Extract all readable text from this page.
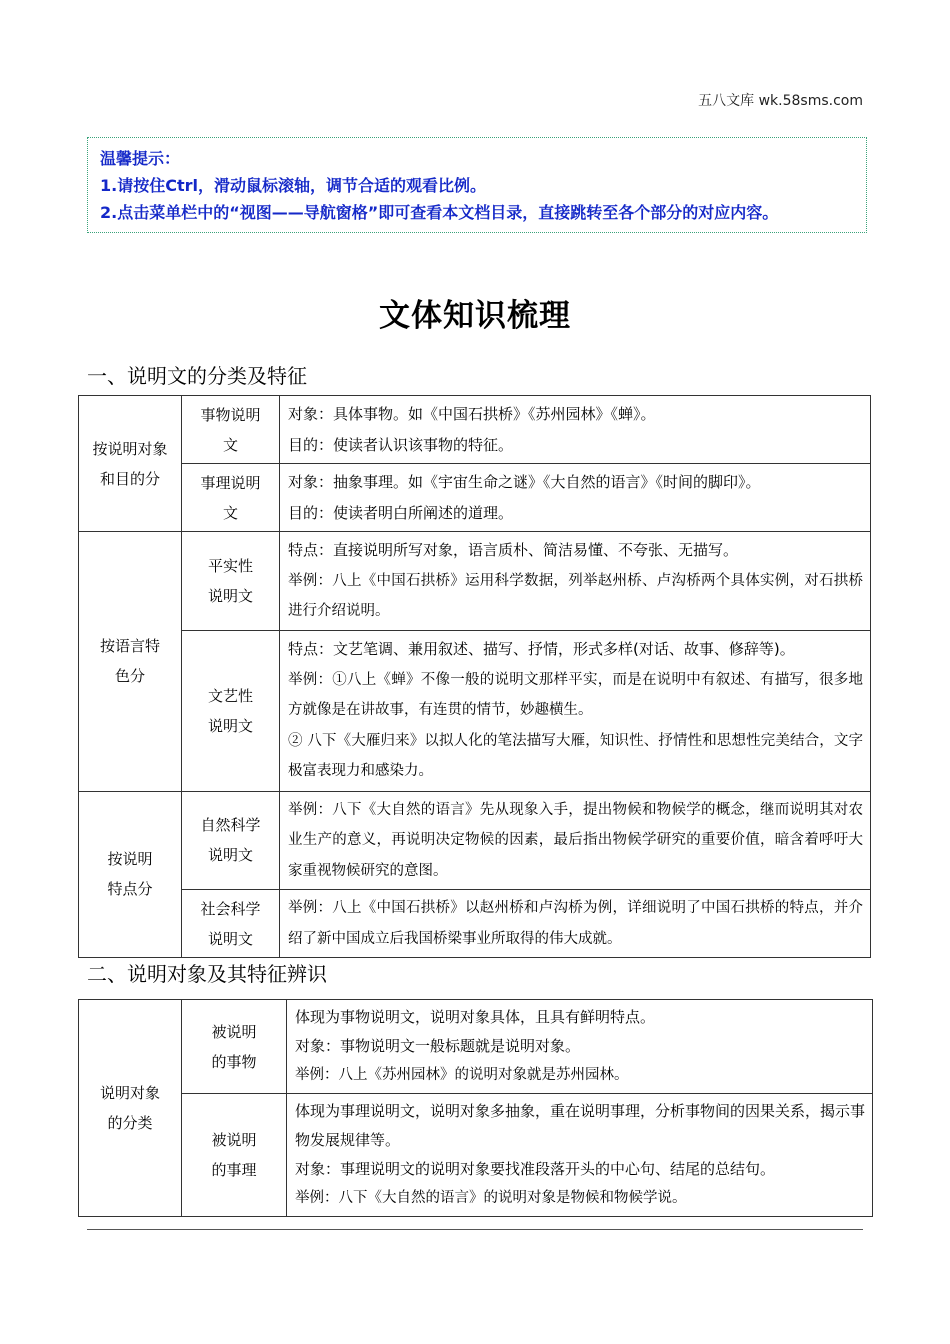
五八文库 wk.58sms.com
温馨提示：
1.请按住Ctrl，滑动鼠标滚轴，调节合适的观看比例。
2.点击菜单栏中的“视图——导航窗格”即可查看本文档目录，直接跳转至各个部分的对应内容。
文体知识梳理
一、说明文的分类及特征
按说明对象和目的分	事物说明文	对象：具体事物。如《中国石拱桥》《苏州园林》《蝉》。
目的：使读者认识该事物的特征。

	事理说明文	对象：抽象事理。如《宇宙生命之谜》《大自然的语言》《时间的脚印》。
目的：使读者明白所阐述的道理。

按语言特色分	平实性说明文	特点：直接说明所写对象，语言质朴、简洁易懂、不夸张、无描写。
举例：八上《中国石拱桥》运用科学数据，列举赵州桥、卢沟桥两个具体实例，对石拱桥进行介绍说明。

	文艺性说明文	特点：文艺笔调、兼用叙述、描写、抒情，形式多样(对话、故事、修辞等)。
举例：①八上《蝉》不像一般的说明文那样平实，而是在说明中有叙述、有描写，很多地方就像是在讲故事，有连贯的情节，妙趣横生。
② 八下《大雁归来》以拟人化的笔法描写大雁，知识性、抒情性和思想性完美结合，文字极富表现力和感染力。

按说明特点分	自然科学说明文	举例：八下《大自然的语言》先从现象入手，提出物候和物候学的概念，继而说明其对农业生产的意义，再说明决定物候的因素，最后指出物候学研究的重要价值，暗含着呼吁大家重视物候研究的意图。

	社会科学说明文	举例：八上《中国石拱桥》以赵州桥和卢沟桥为例，详细说明了中国石拱桥的特点，并介绍了新中国成立后我国桥梁事业所取得的伟大成就。
二、说明对象及其特征辨识
说明对象的分类	被说明的事物	体现为事物说明文，说明对象具体，且具有鲜明特点。
对象：事物说明文一般标题就是说明对象。
举例：八上《苏州园林》的说明对象就是苏州园林。

	被说明的事理	体现为事理说明文，说明对象多抽象，重在说明事理，分析事物间的因果关系，揭示事物发展规律等。
对象：事理说明文的说明对象要找准段落开头的中心句、结尾的总结句。
举例：八下《大自然的语言》的说明对象是物候和物候学说。
